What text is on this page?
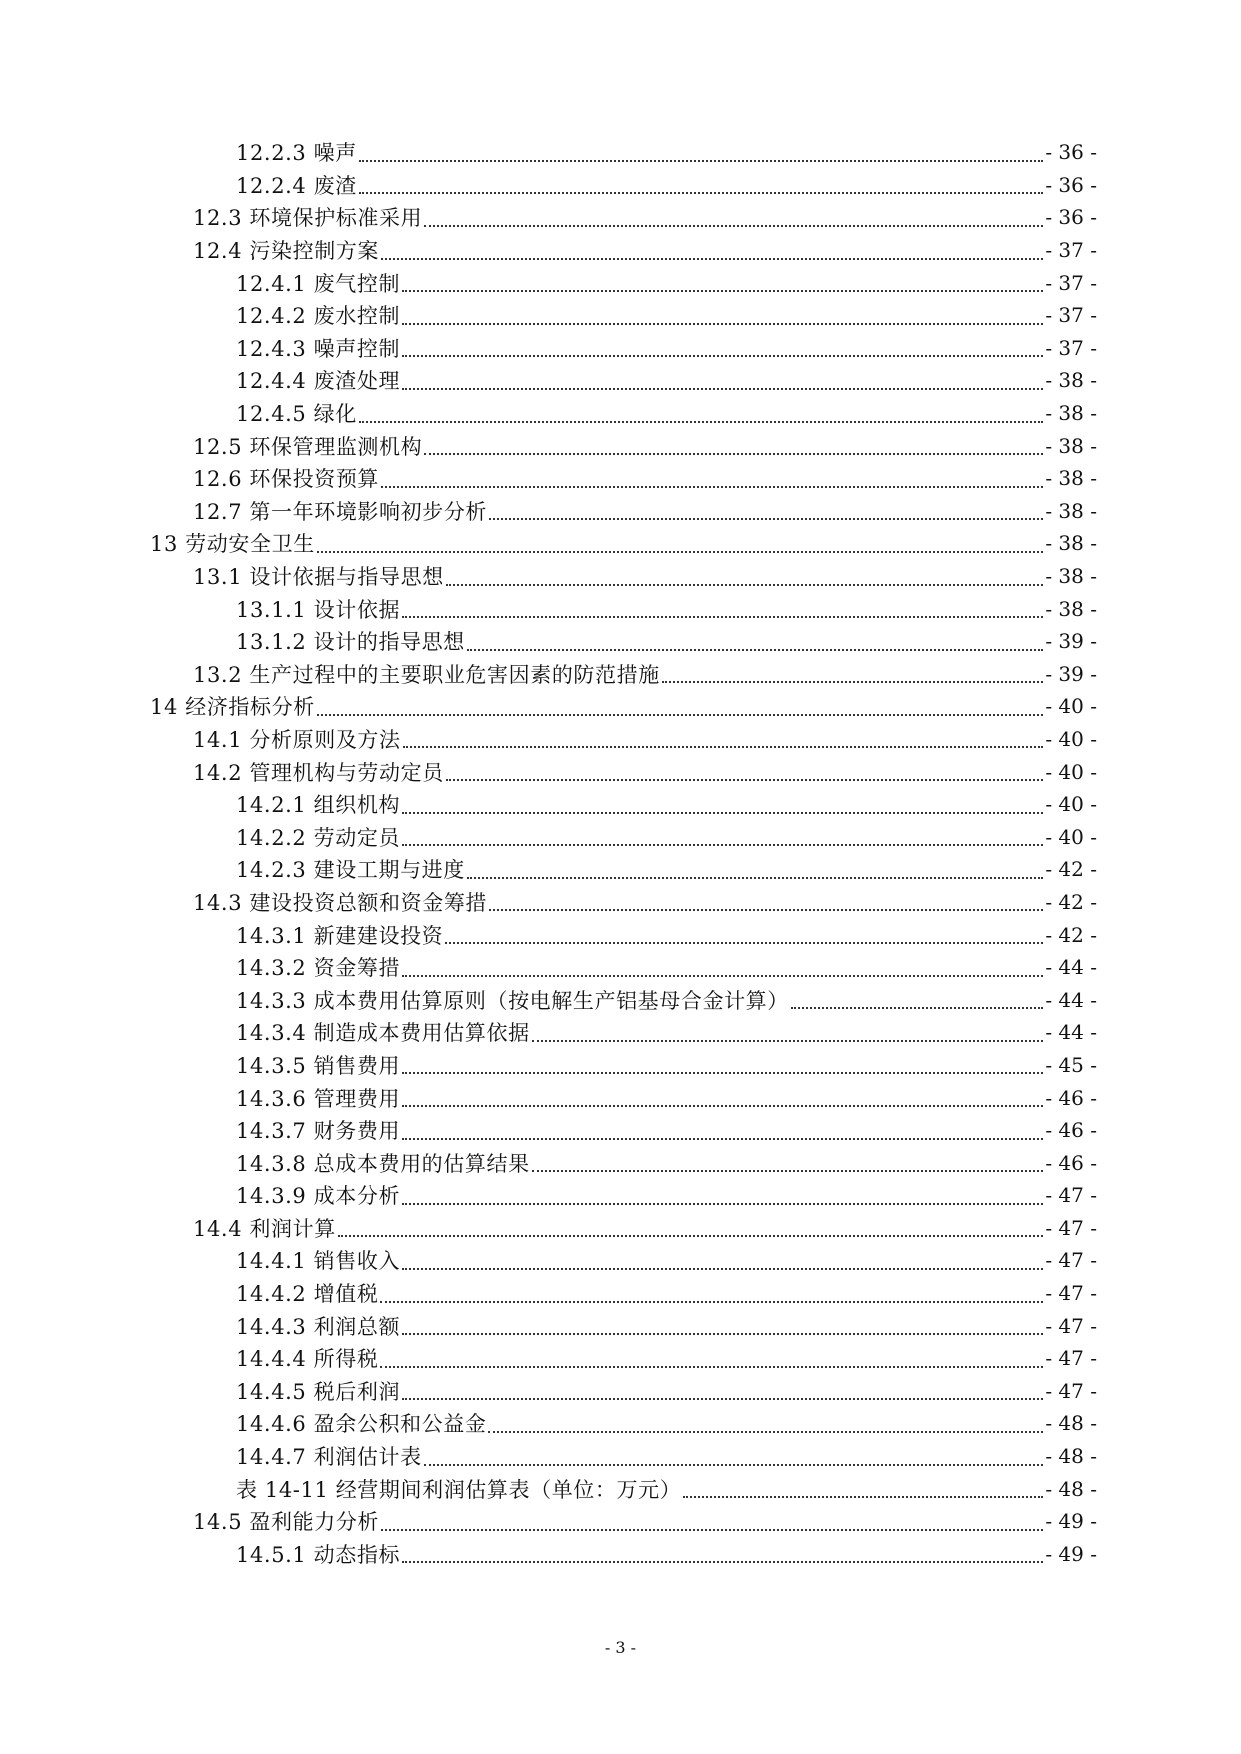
12.2.3 噪声	- 36 -
12.2.4 废渣	- 36 -
12.3 环境保护标准采用	- 36 -
12.4 污染控制方案	- 37 -
12.4.1 废气控制	- 37 -
12.4.2 废水控制	- 37 -
12.4.3 噪声控制	- 37 -
12.4.4 废渣处理	- 38 -
12.4.5 绿化	- 38 -
12.5 环保管理监测机构	- 38 -
12.6 环保投资预算	- 38 -
12.7 第一年环境影响初步分析	- 38 -
13 劳动安全卫生	- 38 -
13.1 设计依据与指导思想	- 38 -
13.1.1 设计依据	- 38 -
13.1.2 设计的指导思想	- 39 -
13.2 生产过程中的主要职业危害因素的防范措施	- 39 -
14 经济指标分析	- 40 -
14.1 分析原则及方法	- 40 -
14.2 管理机构与劳动定员	- 40 -
14.2.1 组织机构	- 40 -
14.2.2 劳动定员	- 40 -
14.2.3 建设工期与进度	- 42 -
14.3 建设投资总额和资金筹措	- 42 -
14.3.1 新建建设投资	- 42 -
14.3.2 资金筹措	- 44 -
14.3.3 成本费用估算原则（按电解生产铝基母合金计算）	- 44 -
14.3.4 制造成本费用估算依据	- 44 -
14.3.5 销售费用	- 45 -
14.3.6 管理费用	- 46 -
14.3.7 财务费用	- 46 -
14.3.8 总成本费用的估算结果	- 46 -
14.3.9 成本分析	- 47 -
14.4 利润计算	- 47 -
14.4.1 销售收入	- 47 -
14.4.2 增值税	- 47 -
14.4.3 利润总额	- 47 -
14.4.4 所得税	- 47 -
14.4.5 税后利润	- 47 -
14.4.6 盈余公积和公益金	- 48 -
14.4.7 利润估计表	- 48 -
表 14-11 经营期间利润估算表（单位：万元）	- 48 -
14.5 盈利能力分析	- 49 -
14.5.1 动态指标	- 49 -
- 3 -
